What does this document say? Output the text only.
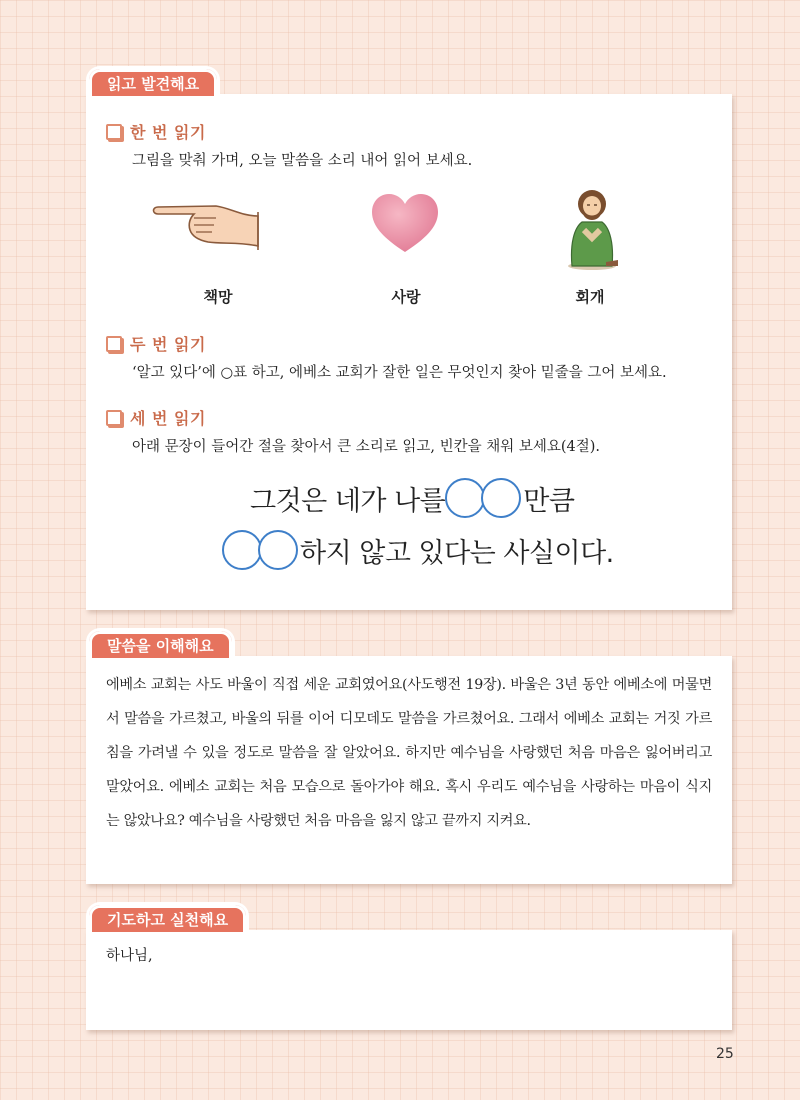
한 번 읽기
그림을 맞춰 가며, 오늘 말씀을 소리 내어 읽어 보세요.
책망	사랑	회개
두 번 읽기
‘알고 있다’에 ○표 하고, 에베소 교회가 잘한 일은 무엇인지 찾아 밑줄을 그어 보세요.
세 번 읽기
아래 문장이 들어간 절을 찾아서 큰 소리로 읽고, 빈칸을 채워 보세요(4절).
그것은 네가 나를	만큼
하지 않고 있다는 사실이다.
읽고 발견해요
에베소 교회는 사도 바울이 직접 세운 교회였어요(사도행전 19장). 바울은 3년 동안 에베소에 머물면서 말씀을 가르쳤고, 바울의 뒤를 이어 디모데도 말씀을 가르쳤어요. 그래서 에베소 교회는 거짓 가르침을 가려낼 수 있을 정도로 말씀을 잘 알았어요. 하지만 예수님을 사랑했던 처음 마음은 잃어버리고 말았어요. 에베소 교회는 처음 모습으로 돌아가야 해요. 혹시 우리도 예수님을 사랑하는 마음이 식지는 않았나요? 예수님을 사랑했던 처음 마음을 잃지 않고 끝까지 지켜요.
말씀을 이해해요
하나님,
기도하고 실천해요
25
